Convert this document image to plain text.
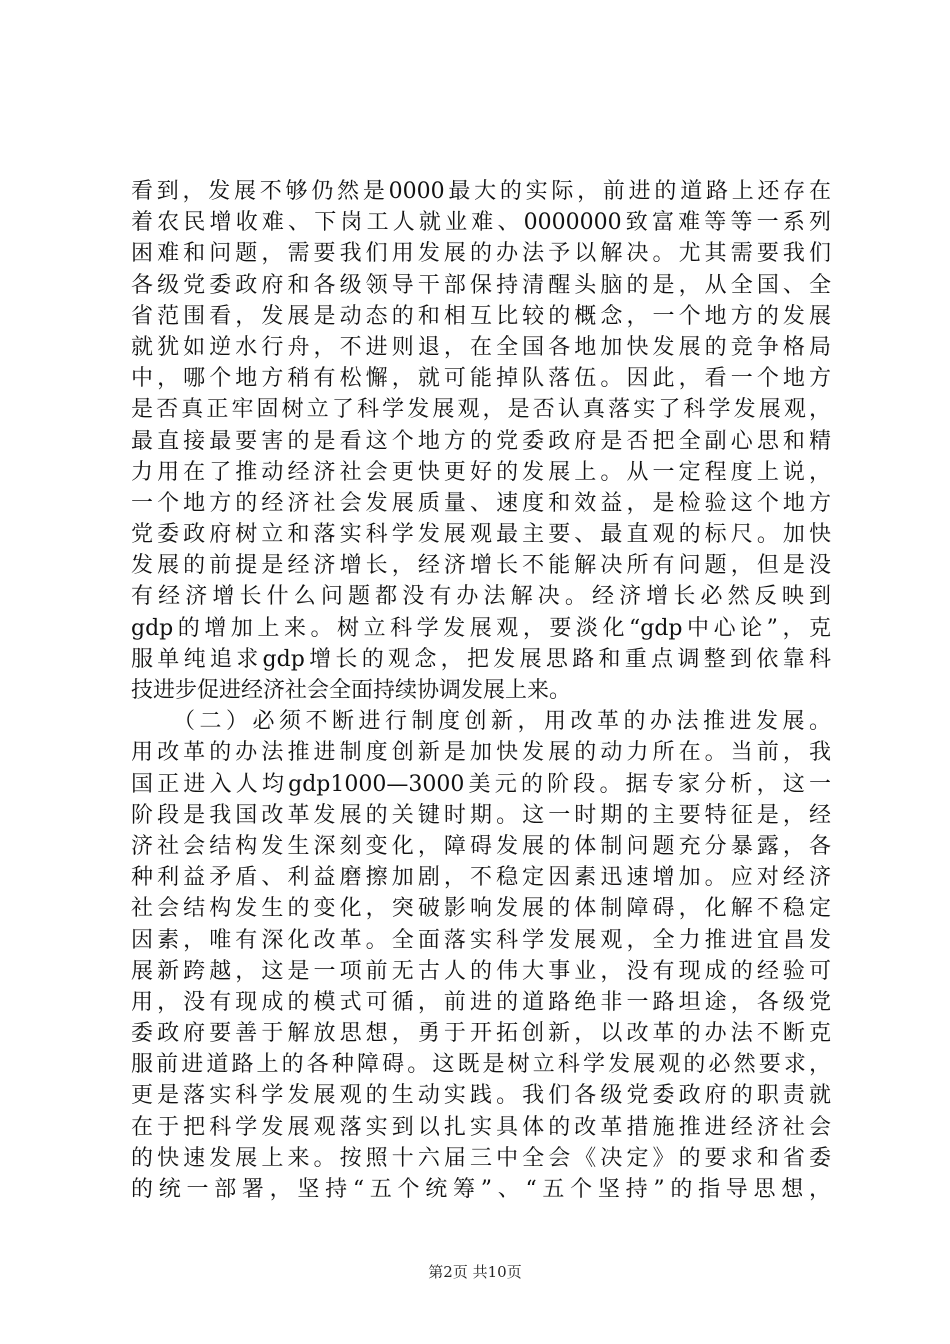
看到，发展不够仍然是0000最大的实际，前进的道路上还存在
着农民增收难、下岗工人就业难、0000000致富难等等一系列
困难和问题，需要我们用发展的办法予以解决。尤其需要我们
各级党委政府和各级领导干部保持清醒头脑的是，从全国、全
省范围看，发展是动态的和相互比较的概念，一个地方的发展
就犹如逆水行舟，不进则退，在全国各地加快发展的竞争格局
中，哪个地方稍有松懈，就可能掉队落伍。因此，看一个地方
是否真正牢固树立了科学发展观，是否认真落实了科学发展观，
最直接最要害的是看这个地方的党委政府是否把全副心思和精
力用在了推动经济社会更快更好的发展上。从一定程度上说，
一个地方的经济社会发展质量、速度和效益，是检验这个地方
党委政府树立和落实科学发展观最主要、最直观的标尺。加快
发展的前提是经济增长，经济增长不能解决所有问题，但是没
有经济增长什么问题都没有办法解决。经济增长必然反映到
gdp的增加上来。树立科学发展观，要淡化“gdp中心论”，克
服单纯追求gdp增长的观念，把发展思路和重点调整到依靠科
技进步促进经济社会全面持续协调发展上来。
　　（二）必须不断进行制度创新，用改革的办法推进发展。
用改革的办法推进制度创新是加快发展的动力所在。当前，我
国正进入人均gdp1000—3000美元的阶段。据专家分析，这一
阶段是我国改革发展的关键时期。这一时期的主要特征是，经
济社会结构发生深刻变化，障碍发展的体制问题充分暴露，各
种利益矛盾、利益磨擦加剧，不稳定因素迅速增加。应对经济
社会结构发生的变化，突破影响发展的体制障碍，化解不稳定
因素，唯有深化改革。全面落实科学发展观，全力推进宜昌发
展新跨越，这是一项前无古人的伟大事业，没有现成的经验可
用，没有现成的模式可循，前进的道路绝非一路坦途，各级党
委政府要善于解放思想，勇于开拓创新，以改革的办法不断克
服前进道路上的各种障碍。这既是树立科学发展观的必然要求，
更是落实科学发展观的生动实践。我们各级党委政府的职责就
在于把科学发展观落实到以扎实具体的改革措施推进经济社会
的快速发展上来。按照十六届三中全会《决定》的要求和省委
的统一部署，坚持“五个统筹”、“五个坚持”的指导思想，
第2页 共10页
